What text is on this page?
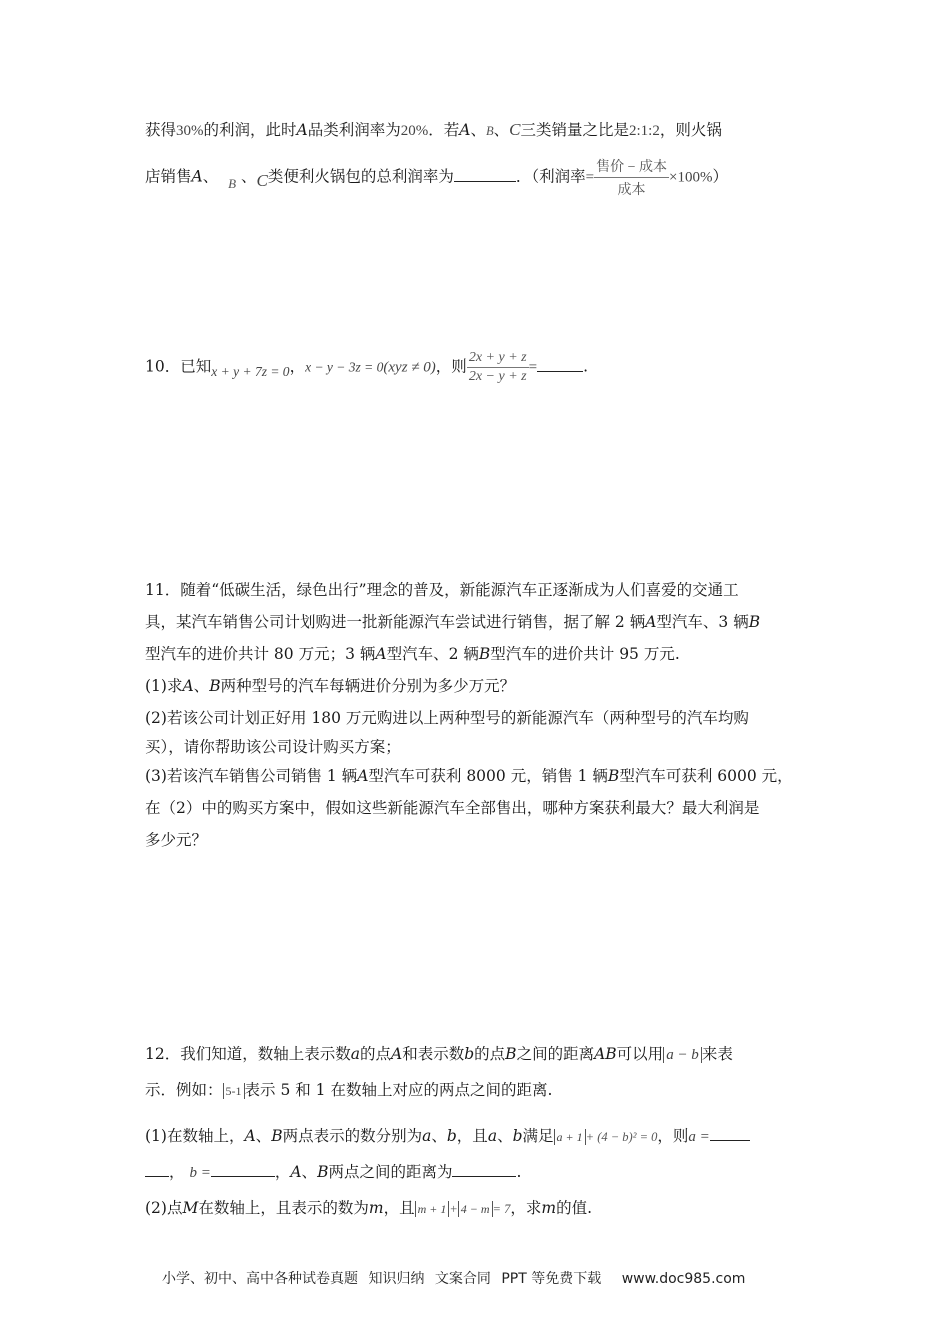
获得30%的利润，此时A品类利润率为20%．若A、B、C三类销量之比是2:1:2，则火锅
店销售A、 $_B$ 、C类便利火锅包的总利润率为	．（利润率= $\frac{\text{售价 − 成本}}{\text{成本}} \times 100\%$）
10．已知x + y + 7z = 0，x − y − 3z = 0(xyz ≠ 0)，则 $\frac{2x + y + z}{2x - y + z}$ =	.
11．随着“低碳生活，绿色出行”理念的普及，新能源汽车正逐渐成为人们喜爱的交通工
具，某汽车销售公司计划购进一批新能源汽车尝试进行销售，据了解 2 辆A型汽车、3 辆B
型汽车的进价共计 80 万元；3 辆A型汽车、2 辆B型汽车的进价共计 95 万元.
(1)求A、B两种型号的汽车每辆进价分别为多少万元？
(2)若该公司计划正好用 180 万元购进以上两种型号的新能源汽车（两种型号的汽车均购
买），请你帮助该公司设计购买方案；
(3)若该汽车销售公司销售 1 辆A型汽车可获利 8000 元，销售 1 辆B型汽车可获利 6000 元，
在（2）中的购买方案中，假如这些新能源汽车全部售出，哪种方案获利最大？最大利润是
多少元？
12．我们知道，数轴上表示数a的点A和表示数b的点B之间的距离AB可以用 a − b 来表
示．例如： 5-1 表示 5 和 1 在数轴上对应的两点之间的距离.
(1)在数轴上，A、B两点表示的数分别为a、b，且a、b满足 a + 1 + (4 − b)² = 0，则a =
， b =	，A、B两点之间的距离为	.
(2)点M在数轴上，且表示的数为m，且 m + 1 + 4 − m = 7，求m的值.
小学、初中、高中各种试卷真题 知识归纳 文案合同 PPT 等免费下载 www.doc985.com
